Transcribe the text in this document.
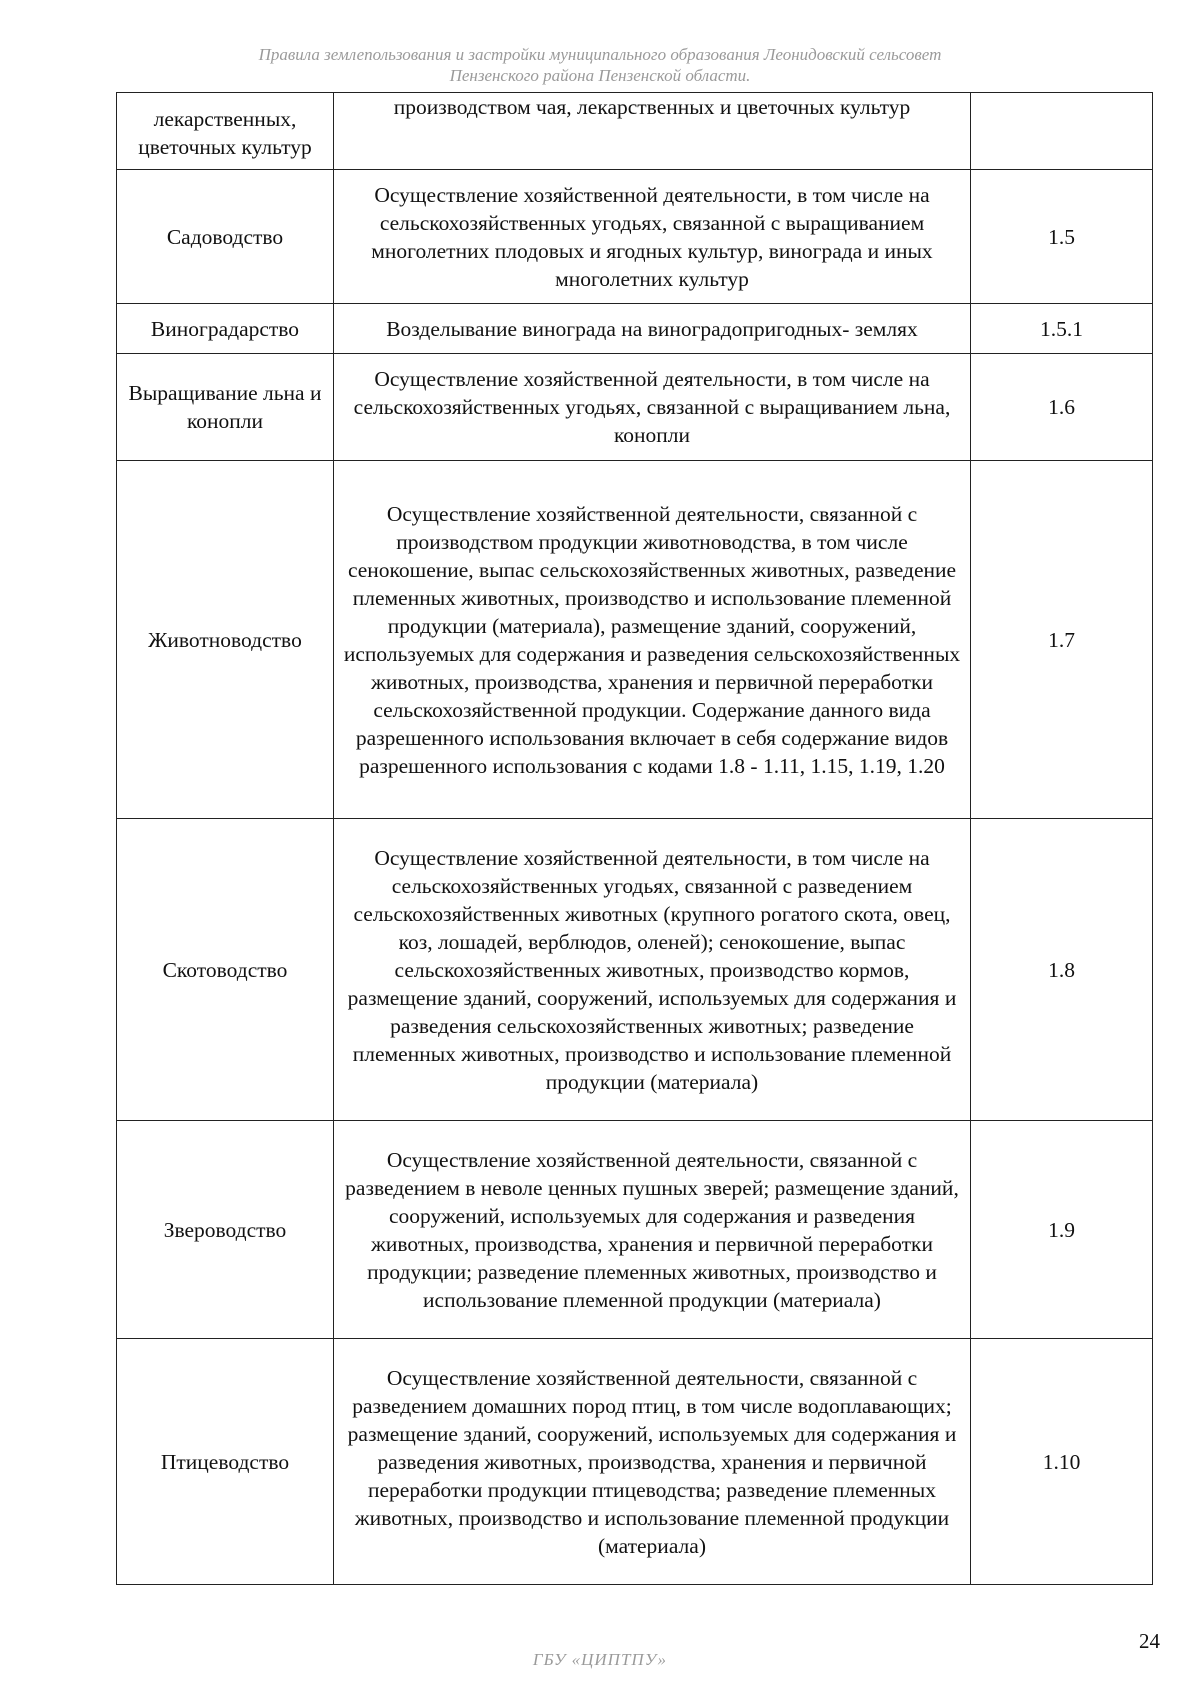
Правила землепользования и застройки муниципального образования Леонидовский сельсовет
Пензенского района Пензенской области.
лекарственных, цветочных культур	производством чая, лекарственных и цветочных культур	
Садоводство	Осуществление хозяйственной деятельности, в том числе на сельскохозяйственных угодьях, связанной с выращиванием многолетних плодовых и ягодных культур, винограда и иных многолетних культур	1.5
Виноградарство	Возделывание винограда на виноградопригодных- землях	1.5.1
Выращивание льна и конопли	Осуществление хозяйственной деятельности, в том числе на сельскохозяйственных угодьях, связанной с выращиванием льна, конопли	1.6
Животноводство	Осуществление хозяйственной деятельности, связанной с производством продукции животноводства, в том числе сенокошение, выпас сельскохозяйственных животных, разведение племенных животных, производство и использование племенной продукции (материала), размещение зданий, сооружений, используемых для содержания и разведения сельскохозяйственных животных, производства, хранения и первичной переработки сельскохозяйственной продукции. Содержание данного вида разрешенного использования включает в себя содержание видов разрешенного использования с кодами 1.8 - 1.11, 1.15, 1.19, 1.20	1.7
Скотоводство	Осуществление хозяйственной деятельности, в том числе на сельскохозяйственных угодьях, связанной с разведением сельскохозяйственных животных (крупного рогатого скота, овец, коз, лошадей, верблюдов, оленей); сенокошение, выпас сельскохозяйственных животных, производство кормов, размещение зданий, сооружений, используемых для содержания и разведения сельскохозяйственных животных; разведение племенных животных, производство и использование племенной продукции (материала)	1.8
Звероводство	Осуществление хозяйственной деятельности, связанной с разведением в неволе ценных пушных зверей; размещение зданий, сооружений, используемых для содержания и разведения животных, производства, хранения и первичной переработки продукции; разведение племенных животных, производство и использование племенной продукции (материала)	1.9
Птицеводство	Осуществление хозяйственной деятельности, связанной с разведением домашних пород птиц, в том числе водоплавающих; размещение зданий, сооружений, используемых для содержания и разведения животных, производства, хранения и первичной переработки продукции птицеводства; разведение племенных животных, производство и использование племенной продукции (материала)	1.10
24
ГБУ «ЦИПТПУ»
